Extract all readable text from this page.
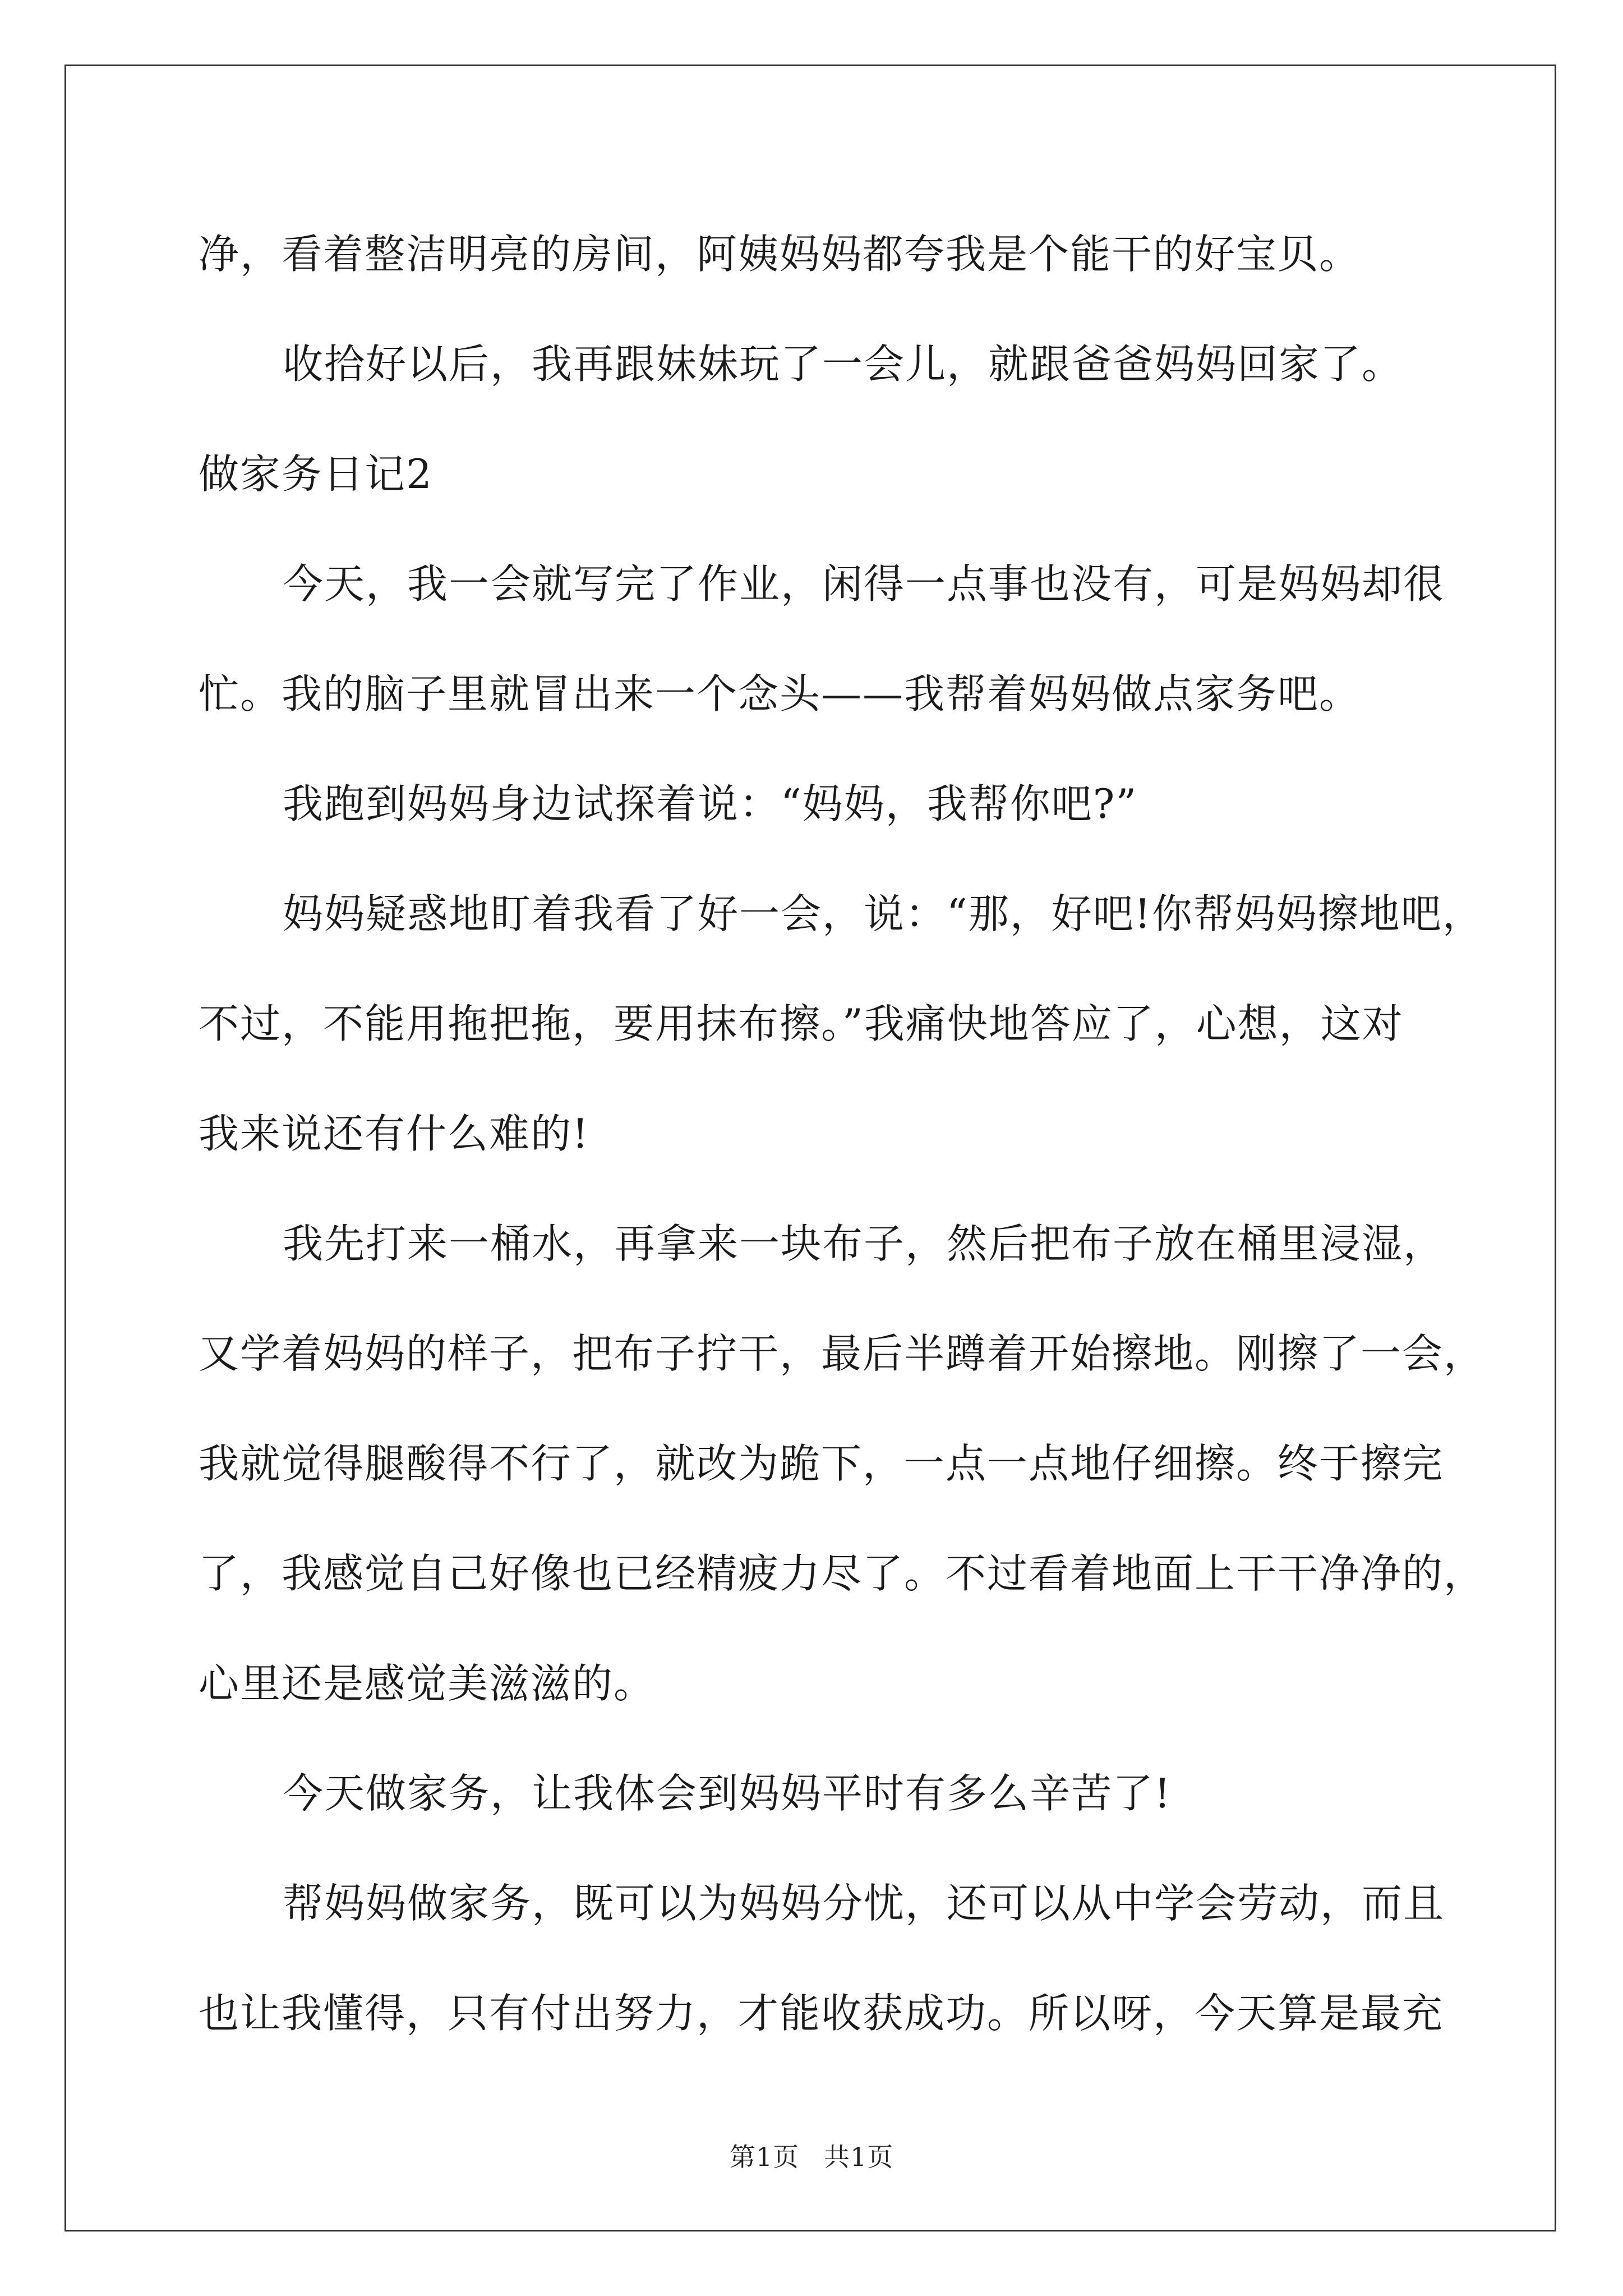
净，看着整洁明亮的房间，阿姨妈妈都夸我是个能干的好宝贝。
收拾好以后，我再跟妹妹玩了一会儿，就跟爸爸妈妈回家了。
做家务日记2
今天，我一会就写完了作业，闲得一点事也没有，可是妈妈却很
忙。我的脑子里就冒出来一个念头——我帮着妈妈做点家务吧。
我跑到妈妈身边试探着说：“妈妈，我帮你吧?”
妈妈疑惑地盯着我看了好一会，说：“那，好吧!你帮妈妈擦地吧，
不过，不能用拖把拖，要用抹布擦。”我痛快地答应了，心想，这对
我来说还有什么难的!
我先打来一桶水，再拿来一块布子，然后把布子放在桶里浸湿，
又学着妈妈的样子，把布子拧干，最后半蹲着开始擦地。刚擦了一会，
我就觉得腿酸得不行了，就改为跪下，一点一点地仔细擦。终于擦完
了，我感觉自己好像也已经精疲力尽了。不过看着地面上干干净净的，
心里还是感觉美滋滋的。
今天做家务，让我体会到妈妈平时有多么辛苦了!
帮妈妈做家务，既可以为妈妈分忧，还可以从中学会劳动，而且
也让我懂得，只有付出努力，才能收获成功。所以呀，今天算是最充
第1页 共1页
